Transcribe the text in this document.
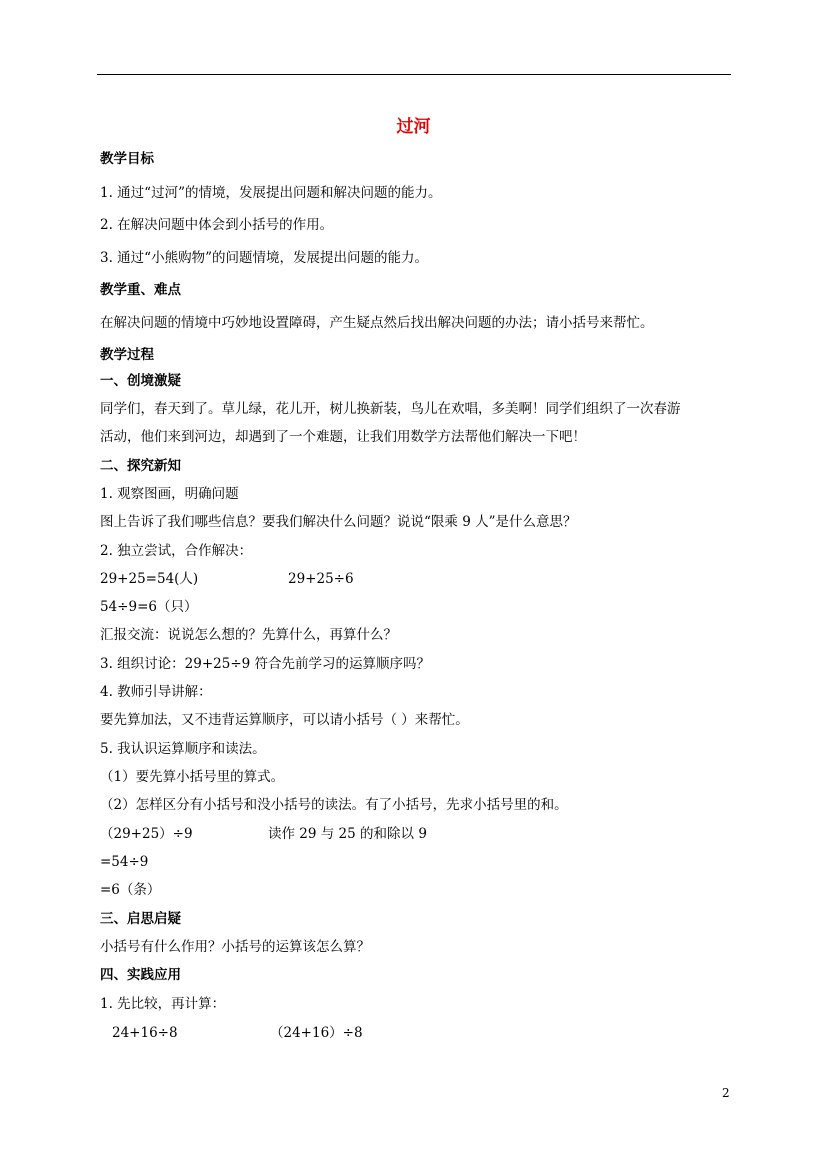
过河
教学目标
1. 通过“过河”的情境，发展提出问题和解决问题的能力。
2. 在解决问题中体会到小括号的作用。
3. 通过“小熊购物”的问题情境，发展提出问题的能力。
教学重、难点
在解决问题的情境中巧妙地设置障碍，产生疑点然后找出解决问题的办法；请小括号来帮忙。
教学过程
一、创境激疑
同学们，春天到了。草儿绿，花儿开，树儿换新装，鸟儿在欢唱，多美啊！同学们组织了一次春游
活动，他们来到河边，却遇到了一个难题，让我们用数学方法帮他们解决一下吧！
二、探究新知
1. 观察图画，明确问题
图上告诉了我们哪些信息？要我们解决什么问题？说说“限乘 9 人”是什么意思？
2. 独立尝试，合作解决：
29+25=54(人)	29+25÷6
54÷9=6（只）
汇报交流：说说怎么想的？先算什么，再算什么？
3. 组织讨论：29+25÷9 符合先前学习的运算顺序吗？
4. 教师引导讲解：
要先算加法，又不违背运算顺序，可以请小括号（ ）来帮忙。
5. 我认识运算顺序和读法。
（1）要先算小括号里的算式。
（2）怎样区分有小括号和没小括号的读法。有了小括号，先求小括号里的和。
（29+25）÷9	读作 29 与 25 的和除以 9
=54÷9
=6（条）
三、启思启疑
小括号有什么作用？小括号的运算该怎么算？
四、实践应用
1. 先比较，再计算：
24+16÷8	（24+16）÷8
2
